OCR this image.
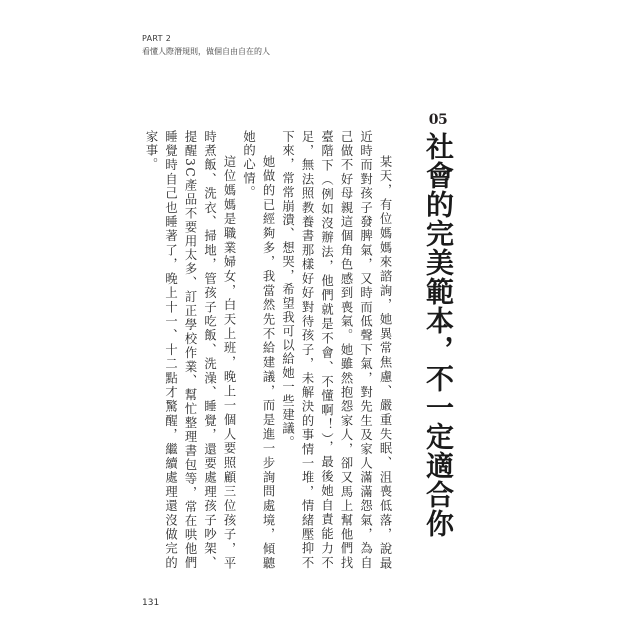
PART 2
看懂人際潛規則，做個自由自在的人
05
社會的完美範本，不一定適合你

某天，有位媽媽來諮詢，她異常焦慮、嚴重失眠、沮喪低落，說最近時而對孩子發脾氣，又時而低聲下氣，對先生及家人滿滿怨氣，為自己做不好母親這個角色感到喪氣。她雖然抱怨家人，卻又馬上幫他們找臺階下（例如沒辦法，他們就是不會、不懂啊！），最後她自責能力不足，無法照教養書那樣好好對待孩子，未解決的事情一堆，情緒壓抑不下來，常常崩潰、想哭，希望我可以給她一些建議。

她做的已經夠多，我當然先不給建議，而是進一步詢問處境，傾聽她的心情。

這位媽媽是職業婦女，白天上班，晚上一個人要照顧三位孩子，平時煮飯、洗衣、掃地，管孩子吃飯、洗澡、睡覺，還要處理孩子吵架、提醒3C產品不要用太多、訂正學校作業、幫忙整理書包等，常在哄他們睡覺時自己也睡著了，晚上十一、十二點才驚醒，繼續處理還沒做完的家事。

131
